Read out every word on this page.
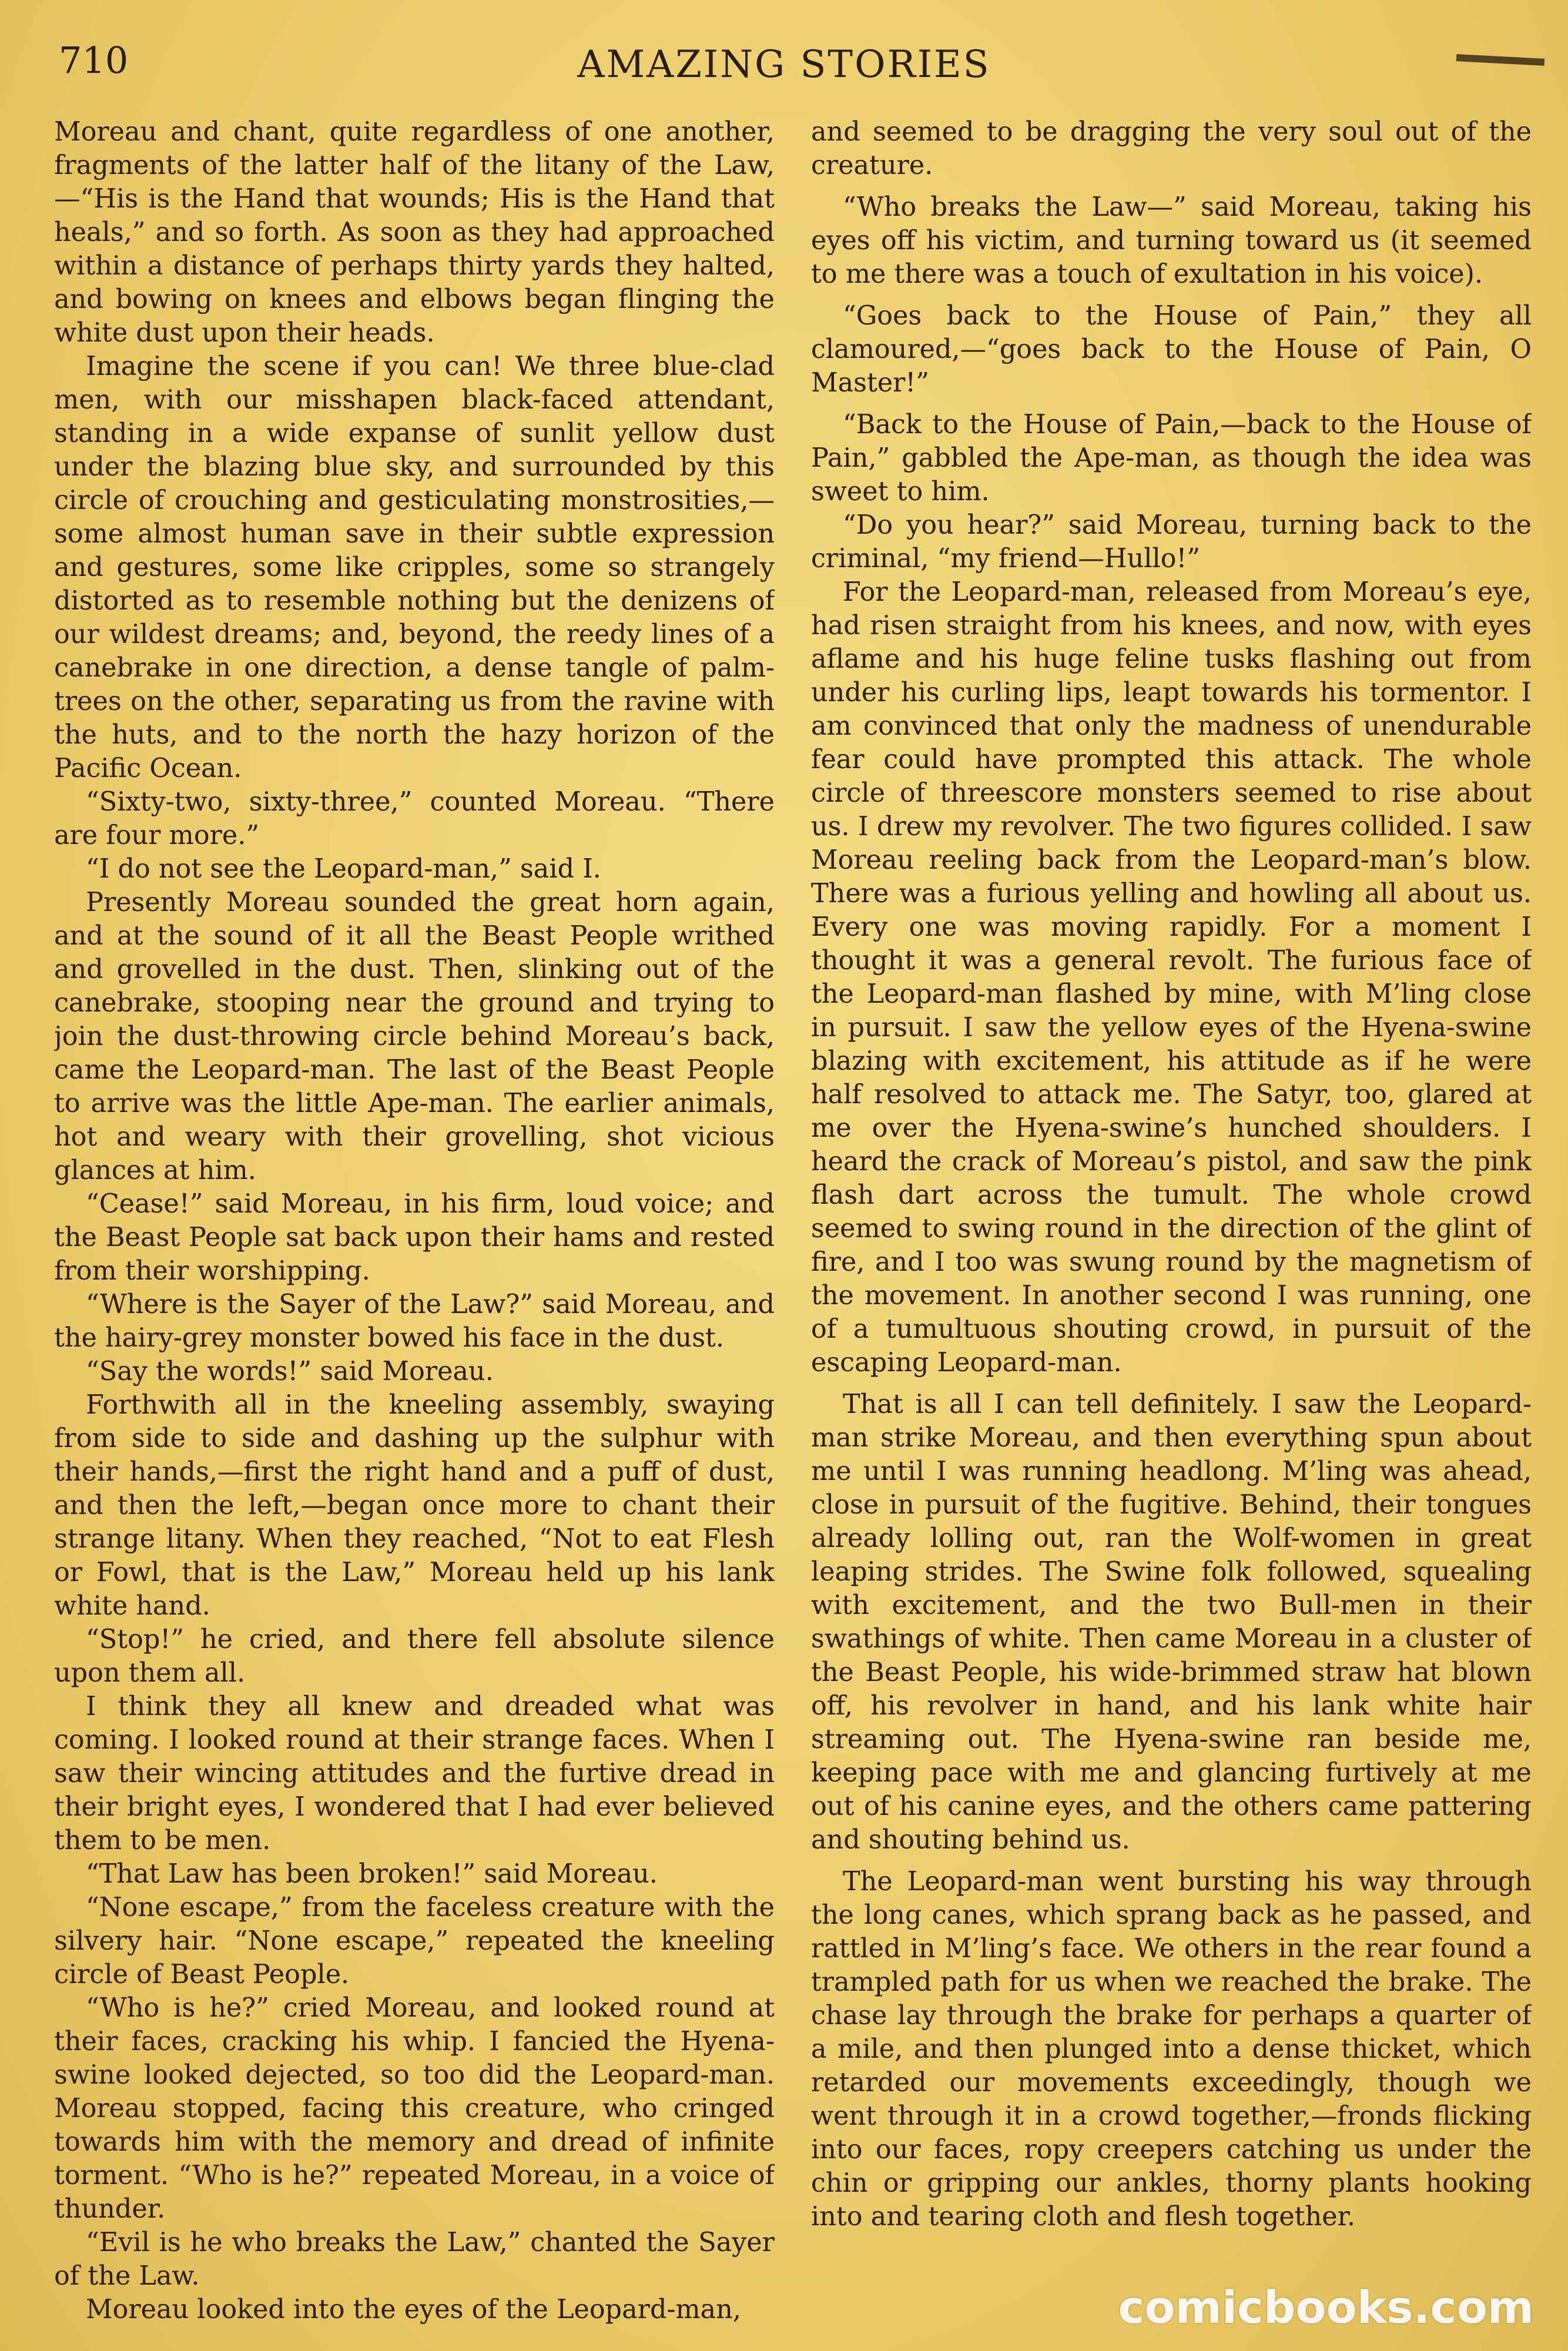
710	AMAZING STORIES

Moreau and chant, quite regardless of one another, fragments of the latter half of the litany of the Law,—“His is the Hand that wounds; His is the Hand that heals,” and so forth. As soon as they had approached within a distance of perhaps thirty yards they halted, and bowing on knees and elbows began flinging the white dust upon their heads.

Imagine the scene if you can! We three blue-clad men, with our misshapen black-faced attendant, standing in a wide expanse of sunlit yellow dust under the blazing blue sky, and surrounded by this circle of crouching and gesticulating monstrosities,—some almost human save in their subtle expression and gestures, some like cripples, some so strangely distorted as to resemble nothing but the denizens of our wildest dreams; and, beyond, the reedy lines of a canebrake in one direction, a dense tangle of palm-trees on the other, separating us from the ravine with the huts, and to the north the hazy horizon of the Pacific Ocean.

“Sixty-two, sixty-three,” counted Moreau. “There are four more.”

“I do not see the Leopard-man,” said I.

Presently Moreau sounded the great horn again, and at the sound of it all the Beast People writhed and grovelled in the dust. Then, slinking out of the canebrake, stooping near the ground and trying to join the dust-throwing circle behind Moreau’s back, came the Leopard-man. The last of the Beast People to arrive was the little Ape-man. The earlier animals, hot and weary with their grovelling, shot vicious glances at him.

“Cease!” said Moreau, in his firm, loud voice; and the Beast People sat back upon their hams and rested from their worshipping.

“Where is the Sayer of the Law?” said Moreau, and the hairy-grey monster bowed his face in the dust.

“Say the words!” said Moreau.

Forthwith all in the kneeling assembly, swaying from side to side and dashing up the sulphur with their hands,—first the right hand and a puff of dust, and then the left,—began once more to chant their strange litany. When they reached, “Not to eat Flesh or Fowl, that is the Law,” Moreau held up his lank white hand.

“Stop!” he cried, and there fell absolute silence upon them all.

I think they all knew and dreaded what was coming. I looked round at their strange faces. When I saw their wincing attitudes and the furtive dread in their bright eyes, I wondered that I had ever believed them to be men.

“That Law has been broken!” said Moreau.

“None escape,” from the faceless creature with the silvery hair. “None escape,” repeated the kneeling circle of Beast People.

“Who is he?” cried Moreau, and looked round at their faces, cracking his whip. I fancied the Hyena-swine looked dejected, so too did the Leopard-man. Moreau stopped, facing this creature, who cringed towards him with the memory and dread of infinite torment. “Who is he?” repeated Moreau, in a voice of thunder.

“Evil is he who breaks the Law,” chanted the Sayer of the Law.

Moreau looked into the eyes of the Leopard-man,

and seemed to be dragging the very soul out of the creature.

“Who breaks the Law—” said Moreau, taking his eyes off his victim, and turning toward us (it seemed to me there was a touch of exultation in his voice).

“Goes back to the House of Pain,” they all clamoured,—“goes back to the House of Pain, O Master!”

“Back to the House of Pain,—back to the House of Pain,” gabbled the Ape-man, as though the idea was sweet to him.

“Do you hear?” said Moreau, turning back to the criminal, “my friend—Hullo!”

For the Leopard-man, released from Moreau’s eye, had risen straight from his knees, and now, with eyes aflame and his huge feline tusks flashing out from under his curling lips, leapt towards his tormentor. I am convinced that only the madness of unendurable fear could have prompted this attack. The whole circle of threescore monsters seemed to rise about us. I drew my revolver. The two figures collided. I saw Moreau reeling back from the Leopard-man’s blow. There was a furious yelling and howling all about us. Every one was moving rapidly. For a moment I thought it was a general revolt. The furious face of the Leopard-man flashed by mine, with M’ling close in pursuit. I saw the yellow eyes of the Hyena-swine blazing with excitement, his attitude as if he were half resolved to attack me. The Satyr, too, glared at me over the Hyena-swine’s hunched shoulders. I heard the crack of Moreau’s pistol, and saw the pink flash dart across the tumult. The whole crowd seemed to swing round in the direction of the glint of fire, and I too was swung round by the magnetism of the movement. In another second I was running, one of a tumultuous shouting crowd, in pursuit of the escaping Leopard-man.

That is all I can tell definitely. I saw the Leopard-man strike Moreau, and then everything spun about me until I was running headlong. M’ling was ahead, close in pursuit of the fugitive. Behind, their tongues already lolling out, ran the Wolf-women in great leaping strides. The Swine folk followed, squealing with excitement, and the two Bull-men in their swathings of white. Then came Moreau in a cluster of the Beast People, his wide-brimmed straw hat blown off, his revolver in hand, and his lank white hair streaming out. The Hyena-swine ran beside me, keeping pace with me and glancing furtively at me out of his canine eyes, and the others came pattering and shouting behind us.

The Leopard-man went bursting his way through the long canes, which sprang back as he passed, and rattled in M’ling’s face. We others in the rear found a trampled path for us when we reached the brake. The chase lay through the brake for perhaps a quarter of a mile, and then plunged into a dense thicket, which retarded our movements exceedingly, though we went through it in a crowd together,—fronds flicking into our faces, ropy creepers catching us under the chin or gripping our ankles, thorny plants hooking into and tearing cloth and flesh together.

comicbooks.com
